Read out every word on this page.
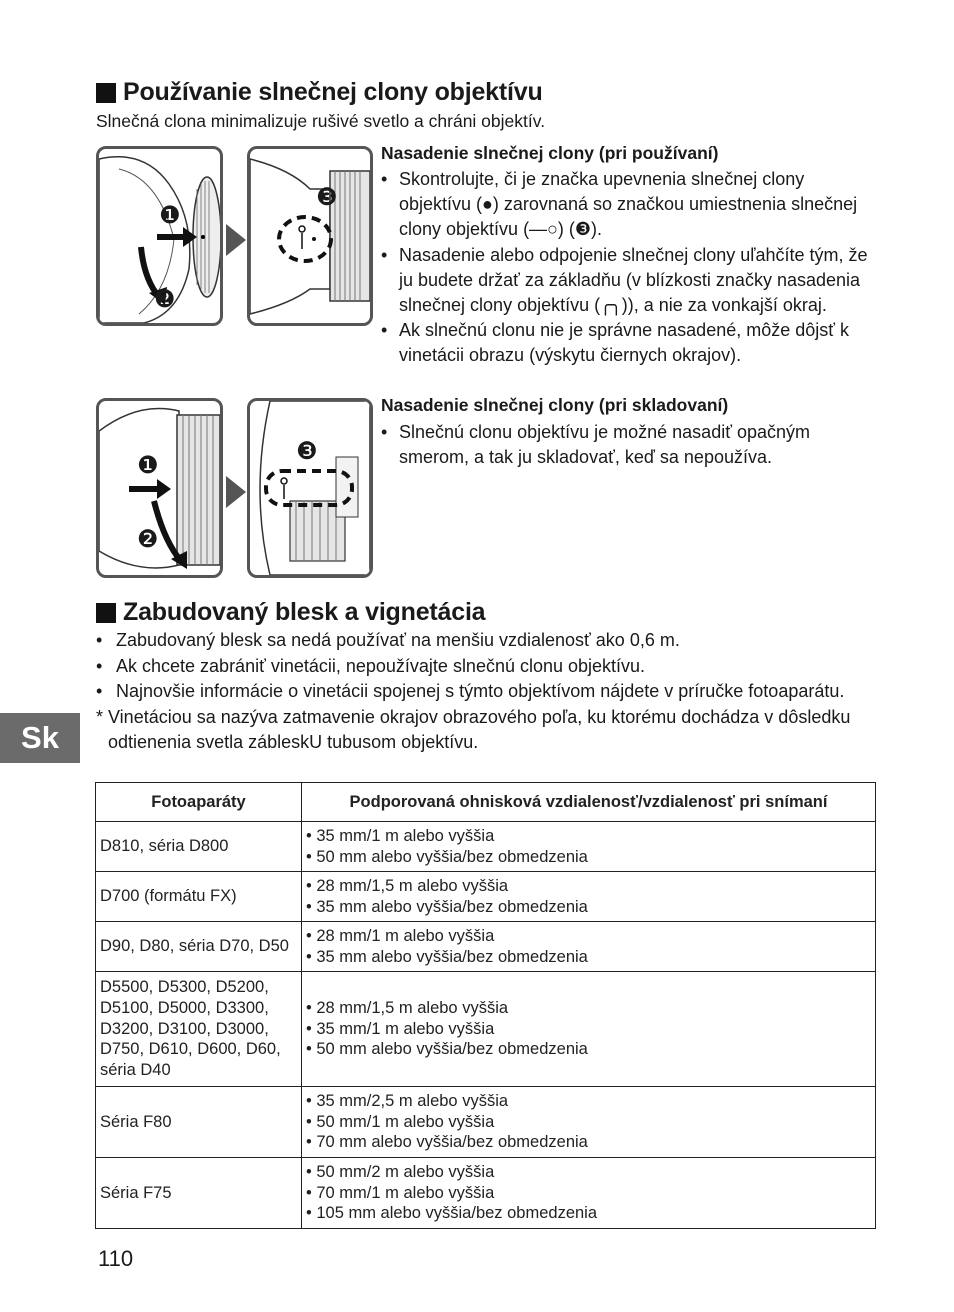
Používanie slnečnej clony objektívu
Slnečná clona minimalizuje rušivé svetlo a chráni objektív.
❶
❷
❸
Nasadenie slnečnej clony (pri používaní)
• Skontrolujte, či je značka upevnenia slnečnej clony objektívu (●) zarovnaná so značkou umiestnenia slnečnej clony objektívu (—○) (❸).
• Nasadenie alebo odpojenie slnečnej clony uľahčíte tým, že ju budete držať za základňu (v blízkosti značky nasadenia slnečnej clony objektívu (╭╮)), a nie za vonkajší okraj.
• Ak slnečnú clonu nie je správne nasadené, môže dôjsť k vinetácii obrazu (výskytu čiernych okrajov).
❶
❷
❸
Nasadenie slnečnej clony (pri skladovaní)
• Slnečnú clonu objektívu je možné nasadiť opačným smerom, a tak ju skladovať, keď sa nepoužíva.
Zabudovaný blesk a vignetácia
• Zabudovaný blesk sa nedá používať na menšiu vzdialenosť ako 0,6 m.
• Ak chcete zabrániť vinetácii, nepoužívajte slnečnú clonu objektívu.
• Najnovšie informácie o vinetácii spojenej s týmto objektívom nájdete v príručke fotoaparátu.
* Vinetáciou sa nazýva zatmavenie okrajov obrazového poľa, ku ktorému dochádza v dôsledku odtienenia svetla zábleskU tubusom objektívu.
Sk
Fotoaparáty	Podporovaná ohnisková vzdialenosť/vzdialenosť pri snímaní
D810, séria D800	• 35 mm/1 m alebo vyššia
• 50 mm alebo vyššia/bez obmedzenia

D700 (formátu FX)	• 28 mm/1,5 m alebo vyššia
• 35 mm alebo vyššia/bez obmedzenia

D90, D80, séria D70, D50	• 28 mm/1 m alebo vyššia
• 35 mm alebo vyššia/bez obmedzenia

D5500, D5300, D5200, D5100, D5000, D3300, D3200, D3100, D3000, D750, D610, D600, D60, séria D40	• 28 mm/1,5 m alebo vyššia
• 35 mm/1 m alebo vyššia
• 50 mm alebo vyššia/bez obmedzenia

Séria F80	• 35 mm/2,5 m alebo vyššia
• 50 mm/1 m alebo vyššia
• 70 mm alebo vyššia/bez obmedzenia

Séria F75	• 50 mm/2 m alebo vyššia
• 70 mm/1 m alebo vyššia
• 105 mm alebo vyššia/bez obmedzenia
110
